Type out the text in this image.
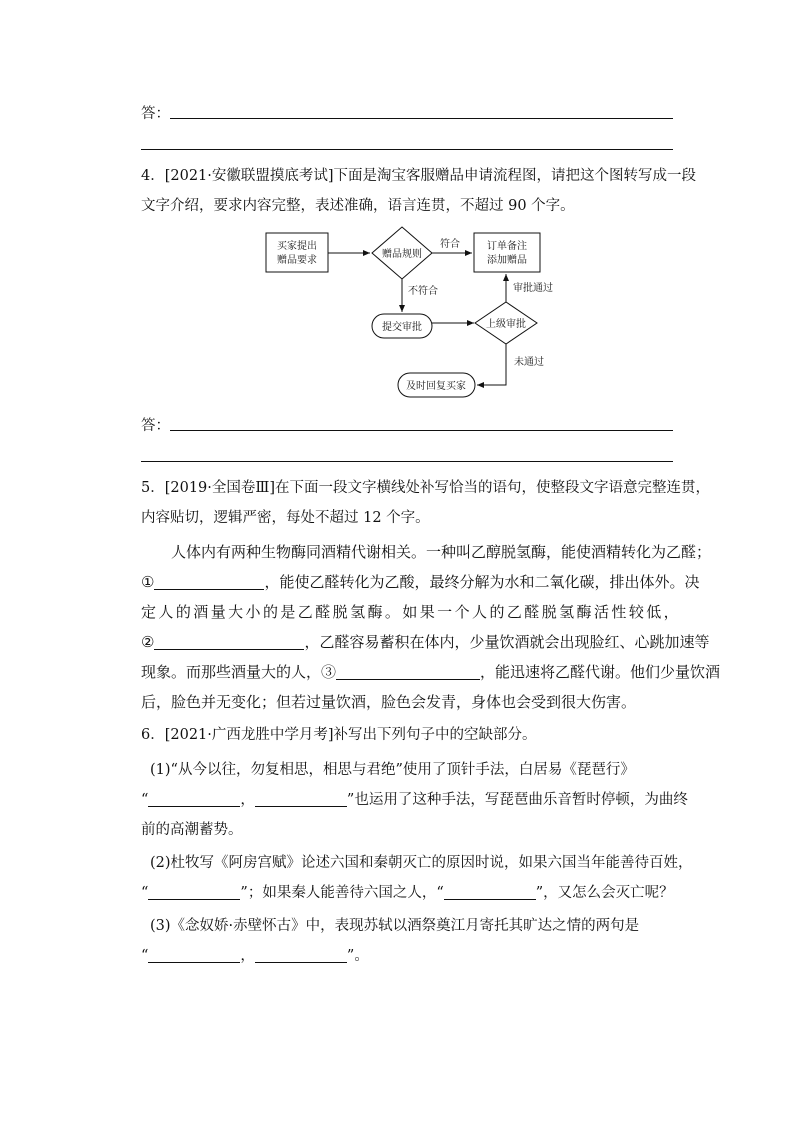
答：
4．[2021·安徽联盟摸底考试]下面是淘宝客服赠品申请流程图，请把这个图转写成一段
文字介绍，要求内容完整，表述准确，语言连贯，不超过 90 个字。
买家提出
赠品要求
赠品规则
订单备注
添加赠品
符合
不符合
提交审批	上级审批
审批通过
未通过
及时回复买家
答：
5．[2019·全国卷Ⅲ]在下面一段文字横线处补写恰当的语句，使整段文字语意完整连贯，
内容贴切，逻辑严密，每处不超过 12 个字。
人体内有两种生物酶同酒精代谢相关。一种叫乙醇脱氢酶，能使酒精转化为乙醛；
①	，能使乙醛转化为乙酸，最终分解为水和二氧化碳，排出体外。决
定 人 的 酒 量 大 小 的 是 乙 醛 脱 氢 酶 。 如 果 一 个 人 的 乙 醛 脱 氢 酶 活 性 较 低 ，
②	，乙醛容易蓄积在体内，少量饮酒就会出现脸红、心跳加速等
现象。而那些酒量大的人，③	，能迅速将乙醛代谢。他们少量饮酒
后，脸色并无变化；但若过量饮酒，脸色会发青，身体也会受到很大伤害。
6．[2021·广西龙胜中学月考]补写出下列句子中的空缺部分。
(1)“从今以往，勿复相思，相思与君绝”使用了顶针手法，白居易《琵琶行》
“	，	”也运用了这种手法，写琵琶曲乐音暂时停顿，为曲终
前的高潮蓄势。
(2)杜牧写《阿房宫赋》论述六国和秦朝灭亡的原因时说，如果六国当年能善待百姓，
“	”；如果秦人能善待六国之人，“	”，又怎么会灭亡呢？
(3)《念奴娇·赤壁怀古》中，表现苏轼以酒祭奠江月寄托其旷达之情的两句是
“	，	”。
